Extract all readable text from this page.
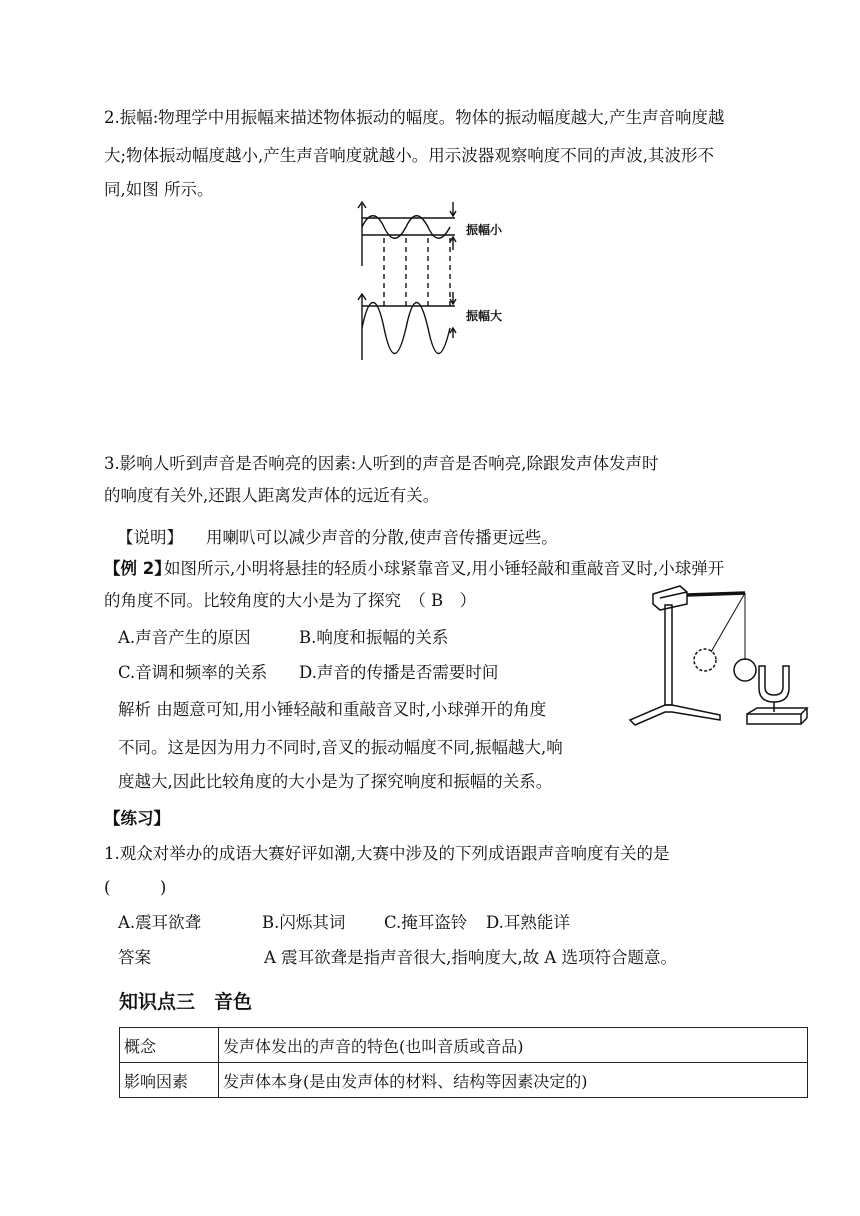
2.振幅:物理学中用振幅来描述物体振动的幅度。物体的振动幅度越大,产生声音响度越
大;物体振动幅度越小,产生声音响度就越小。用示波器观察响度不同的声波,其波形不
同,如图 所示。
振幅小
振幅大
3.影响人听到声音是否响亮的因素:人听到的声音是否响亮,除跟发声体发声时
的响度有关外,还跟人距离发声体的远近有关。
【说明】 用喇叭可以减少声音的分散,使声音传播更远些。
【例 2】
如图所示,小明将悬挂的轻质小球紧靠音叉,用小锤轻敲和重敲音叉时,小球弹开
的角度不同。比较角度的大小是为了探究　（ B　）
A.声音产生的原因	B.响度和振幅的关系
C.音调和频率的关系 D.声音的传播是否需要时间
解析 由题意可知,用小锤轻敲和重敲音叉时,小球弹开的角度
不同。这是因为用力不同时,音叉的振动幅度不同,振幅越大,响
度越大,因此比较角度的大小是为了探究响度和振幅的关系。
【练习】
1.观众对举办的成语大赛好评如潮,大赛中涉及的下列成语跟声音响度有关的是
(　　　)
A.震耳欲聋	B.闪烁其词 C.掩耳盗铃 D.耳熟能详
答案	A 震耳欲聋是指声音很大,指响度大,故 A 选项符合题意。
知识点三　音色
概念	发声体发出的声音的特色(也叫音质或音品)
影响因素	发声体本身(是由发声体的材料、结构等因素决定的)
